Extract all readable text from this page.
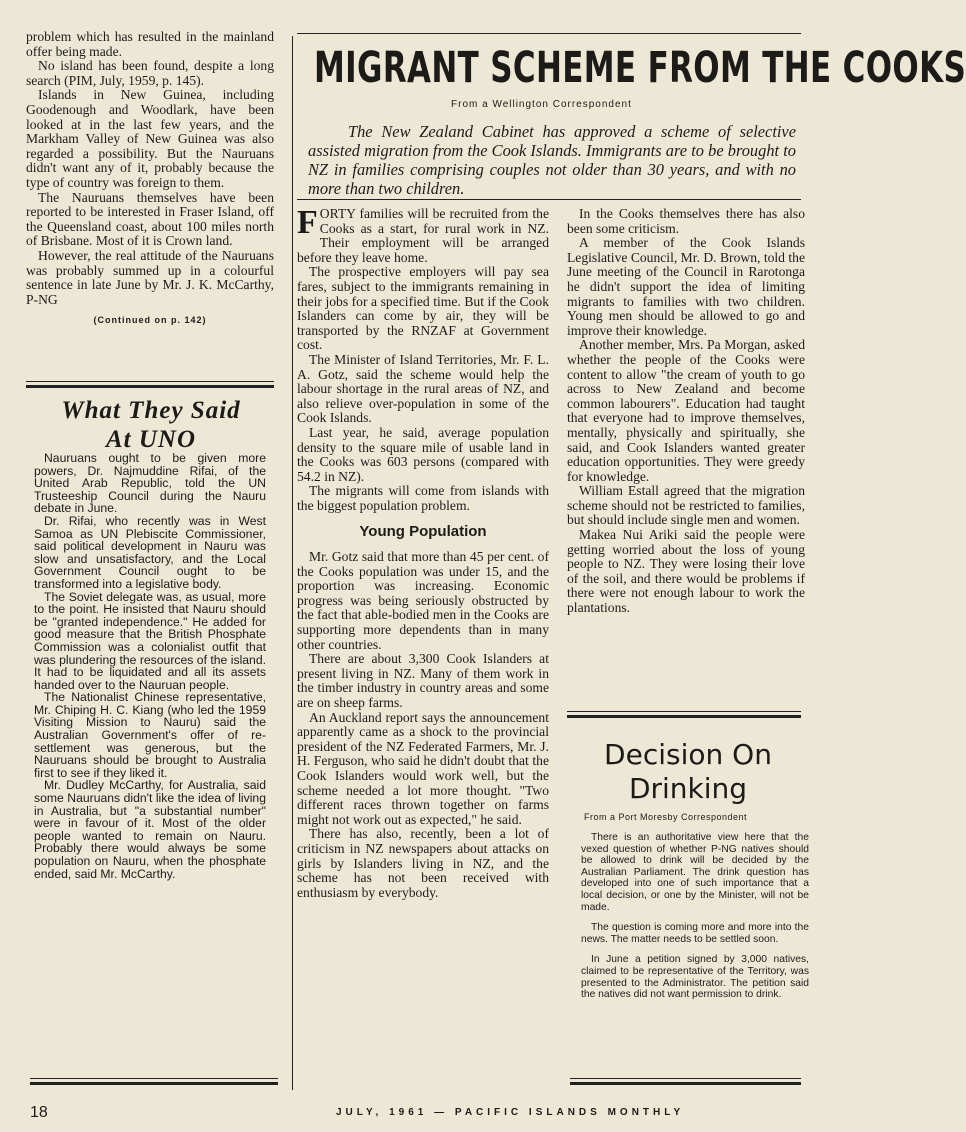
problem which has resulted in the mainland offer being made.

No island has been found, despite a long search (PIM, July, 1959, p. 145).

Islands in New Guinea, including Goodenough and Woodlark, have been looked at in the last few years, and the Markham Valley of New Guinea was also regarded a possibility. But the Nauruans didn't want any of it, probably because the type of country was foreign to them.

The Nauruans themselves have been reported to be interested in Fraser Island, off the Queensland coast, about 100 miles north of Brisbane. Most of it is Crown land.

However, the real attitude of the Nauruans was probably summed up in a colourful sentence in late June by Mr. J. K. McCarthy, P-NG

(Continued on p. 142)
What They Said At UNO

Nauruans ought to be given more powers, Dr. Najmuddine Rifai, of the United Arab Republic, told the UN Trusteeship Council during the Nauru debate in June.

Dr. Rifai, who recently was in West Samoa as UN Plebiscite Commissioner, said political development in Nauru was slow and unsatisfactory, and the Local Government Council ought to be transformed into a legislative body.

The Soviet delegate was, as usual, more to the point. He insisted that Nauru should be "granted independence." He added for good measure that the British Phosphate Commission was a colonialist outfit that was plundering the resources of the island. It had to be liquidated and all its assets handed over to the Nauruan people.

The Nationalist Chinese representative, Mr. Chiping H. C. Kiang (who led the 1959 Visiting Mission to Nauru) said the Australian Government's offer of re-settlement was generous, but the Nauruans should be brought to Australia first to see if they liked it.

Mr. Dudley McCarthy, for Australia, said some Nauruans didn't like the idea of living in Australia, but "a substantial number" were in favour of it. Most of the older people wanted to remain on Nauru. Probably there would always be some population on Nauru, when the phosphate ended, said Mr. McCarthy.

MIGRANT SCHEME FROM THE COOKS
From a Wellington Correspondent
The New Zealand Cabinet has approved a scheme of selective assisted migration from the Cook Islands. Immigrants are to be brought to NZ in families comprising couples not older than 30 years, and with no more than two children.

FORTY families will be recruited from the Cooks as a start, for rural work in NZ. Their employment will be arranged before they leave home.

The prospective employers will pay sea fares, subject to the immigrants remaining in their jobs for a specified time. But if the Cook Islanders can come by air, they will be transported by the RNZAF at Government cost.

The Minister of Island Territories, Mr. F. L. A. Gotz, said the scheme would help the labour shortage in the rural areas of NZ, and also relieve over-population in some of the Cook Islands.

Last year, he said, average population density to the square mile of usable land in the Cooks was 603 persons (compared with 54.2 in NZ).

The migrants will come from islands with the biggest population problem.

Young Population

Mr. Gotz said that more than 45 per cent. of the Cooks population was under 15, and the proportion was increasing. Economic progress was being seriously obstructed by the fact that able-bodied men in the Cooks are supporting more dependents than in many other countries.

There are about 3,300 Cook Islanders at present living in NZ. Many of them work in the timber industry in country areas and some are on sheep farms.

An Auckland report says the announcement apparently came as a shock to the provincial president of the NZ Federated Farmers, Mr. J. H. Ferguson, who said he didn't doubt that the Cook Islanders would work well, but the scheme needed a lot more thought. "Two different races thrown together on farms might not work out as expected," he said.

There has also, recently, been a lot of criticism in NZ newspapers about attacks on girls by Islanders living in NZ, and the scheme has not been received with enthusiasm by everybody.

In the Cooks themselves there has also been some criticism.

A member of the Cook Islands Legislative Council, Mr. D. Brown, told the June meeting of the Council in Rarotonga he didn't support the idea of limiting migrants to families with two children. Young men should be allowed to go and improve their knowledge.

Another member, Mrs. Pa Morgan, asked whether the people of the Cooks were content to allow "the cream of youth to go across to New Zealand and become common labourers". Education had taught that everyone had to improve themselves, mentally, physically and spiritually, she said, and Cook Islanders wanted greater education opportunities. They were greedy for knowledge.

William Estall agreed that the migration scheme should not be restricted to families, but should include single men and women.

Makea Nui Ariki said the people were getting worried about the loss of young people to NZ. They were losing their love of the soil, and there would be problems if there were not enough labour to work the plantations.

Decision On Drinking
From a Port Moresby Correspondent

There is an authoritative view here that the vexed question of whether P-NG natives should be allowed to drink will be decided by the Australian Parliament. The drink question has developed into one of such importance that a local decision, or one by the Minister, will not be made.

The question is coming more and more into the news. The matter needs to be settled soon.

In June a petition signed by 3,000 natives, claimed to be representative of the Territory, was presented to the Administrator. The petition said the natives did not want permission to drink.

18	JULY, 1961 — PACIFIC ISLANDS MONTHLY
